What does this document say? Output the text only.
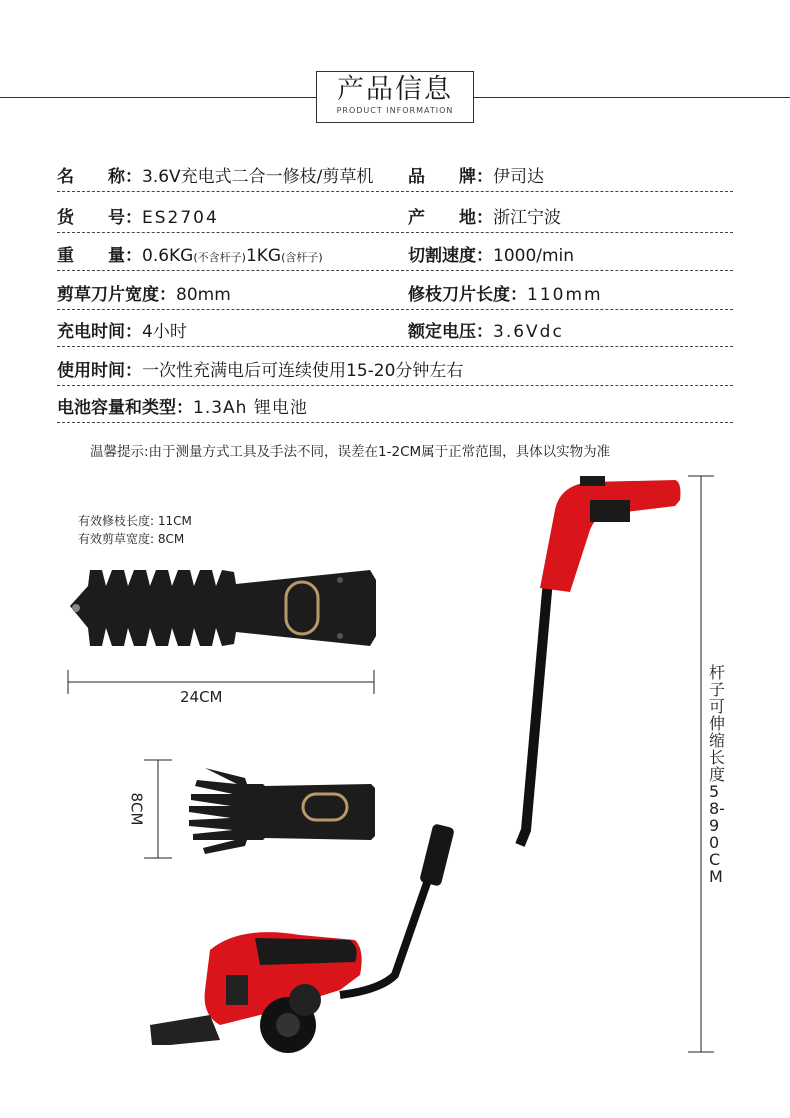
产品信息
PRODUCT INFORMATION
名　　称：3.6V充电式二合一修枝/剪草机 品　　牌：伊司达
货　　号：ES2704	产　　地：浙江宁波
重　　量：0.6KG(不含杆子)1KG(含杆子)	切割速度：1000/min
剪草刀片宽度：80mm	修枝刀片长度：110mm
充电时间：4小时	额定电压：3.6Vdc
使用时间：一次性充满电后可连续使用15-20分钟左右
电池容量和类型：1.3Ah 锂电池
温馨提示:由于测量方式工具及手法不同，误差在1-2CM属于正常范围，具体以实物为准
有效修枝长度: 11CM
有效剪草宽度: 8CM
24CM
8CM
杆子可伸缩长度58-90CM
